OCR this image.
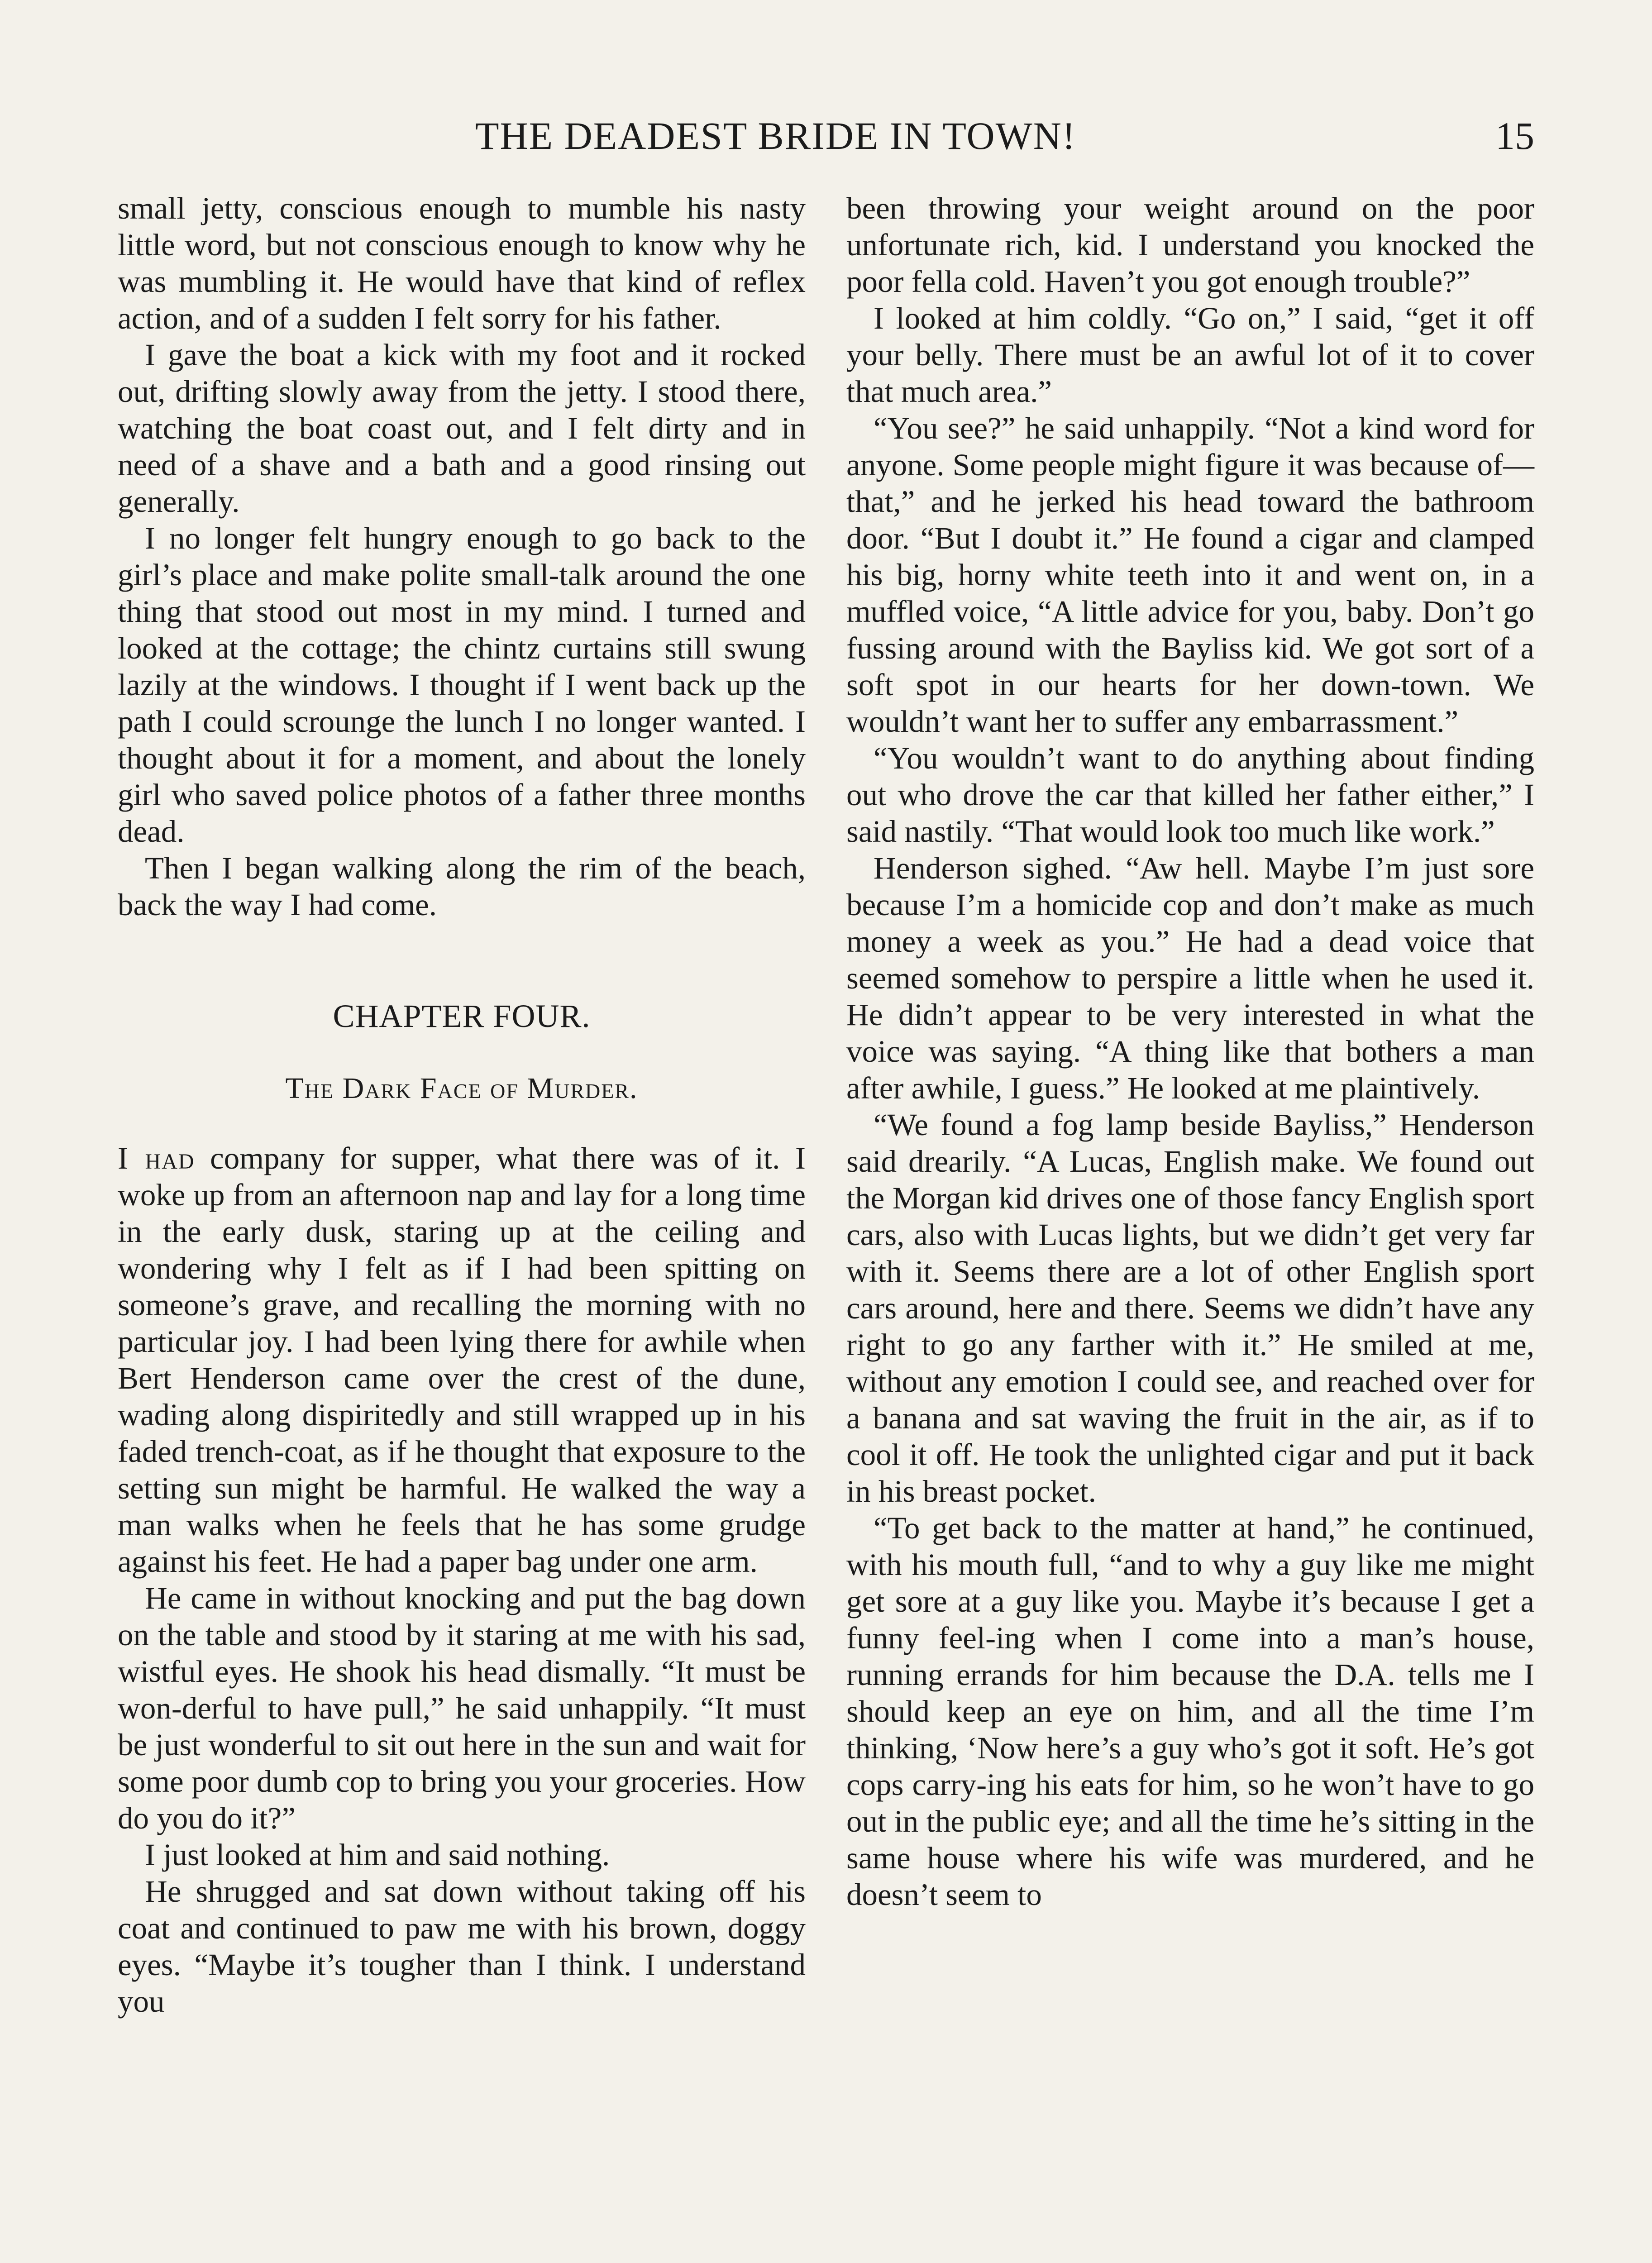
THE DEADEST BRIDE IN TOWN!	15

small jetty, conscious enough to mumble his nasty little word, but not conscious enough to know why he was mumbling it. He would have that kind of reflex action, and of a sudden I felt sorry for his father.

I gave the boat a kick with my foot and it rocked out, drifting slowly away from the jetty. I stood there, watching the boat coast out, and I felt dirty and in need of a shave and a bath and a good rinsing out generally.

I no longer felt hungry enough to go back to the girl’s place and make polite small-talk around the one thing that stood out most in my mind. I turned and looked at the cottage; the chintz curtains still swung lazily at the windows. I thought if I went back up the path I could scrounge the lunch I no longer wanted. I thought about it for a moment, and about the lonely girl who saved police photos of a father three months dead.

Then I began walking along the rim of the beach, back the way I had come.

CHAPTER FOUR.
The Dark Face of Murder.

I had company for supper, what there was of it. I woke up from an afternoon nap and lay for a long time in the early dusk, staring up at the ceiling and wondering why I felt as if I had been spitting on someone’s grave, and recalling the morning with no particular joy. I had been lying there for awhile when Bert Henderson came over the crest of the dune, wading along dispiritedly and still wrapped up in his faded trench-coat, as if he thought that exposure to the setting sun might be harmful. He walked the way a man walks when he feels that he has some grudge against his feet. He had a paper bag under one arm.

He came in without knocking and put the bag down on the table and stood by it staring at me with his sad, wistful eyes. He shook his head dismally. “It must be won-derful to have pull,” he said unhappily. “It must be just wonderful to sit out here in the sun and wait for some poor dumb cop to bring you your groceries. How do you do it?”

I just looked at him and said nothing.

He shrugged and sat down without taking off his coat and continued to paw me with his brown, doggy eyes. “Maybe it’s tougher than I think. I understand you

been throwing your weight around on the poor unfortunate rich, kid. I understand you knocked the poor fella cold. Haven’t you got enough trouble?”

I looked at him coldly. “Go on,” I said, “get it off your belly. There must be an awful lot of it to cover that much area.”

“You see?” he said unhappily. “Not a kind word for anyone. Some people might figure it was because of—that,” and he jerked his head toward the bathroom door. “But I doubt it.” He found a cigar and clamped his big, horny white teeth into it and went on, in a muffled voice, “A little advice for you, baby. Don’t go fussing around with the Bayliss kid. We got sort of a soft spot in our hearts for her down-town. We wouldn’t want her to suffer any embarrassment.”

“You wouldn’t want to do anything about finding out who drove the car that killed her father either,” I said nastily. “That would look too much like work.”

Henderson sighed. “Aw hell. Maybe I’m just sore because I’m a homicide cop and don’t make as much money a week as you.” He had a dead voice that seemed somehow to perspire a little when he used it. He didn’t appear to be very interested in what the voice was saying. “A thing like that bothers a man after awhile, I guess.” He looked at me plaintively.

“We found a fog lamp beside Bayliss,” Henderson said drearily. “A Lucas, English make. We found out the Morgan kid drives one of those fancy English sport cars, also with Lucas lights, but we didn’t get very far with it. Seems there are a lot of other English sport cars around, here and there. Seems we didn’t have any right to go any farther with it.” He smiled at me, without any emotion I could see, and reached over for a banana and sat waving the fruit in the air, as if to cool it off. He took the unlighted cigar and put it back in his breast pocket.

“To get back to the matter at hand,” he continued, with his mouth full, “and to why a guy like me might get sore at a guy like you. Maybe it’s because I get a funny feel-ing when I come into a man’s house, running errands for him because the D.A. tells me I should keep an eye on him, and all the time I’m thinking, ‘Now here’s a guy who’s got it soft. He’s got cops carry-ing his eats for him, so he won’t have to go out in the public eye; and all the time he’s sitting in the same house where his wife was murdered, and he doesn’t seem to
